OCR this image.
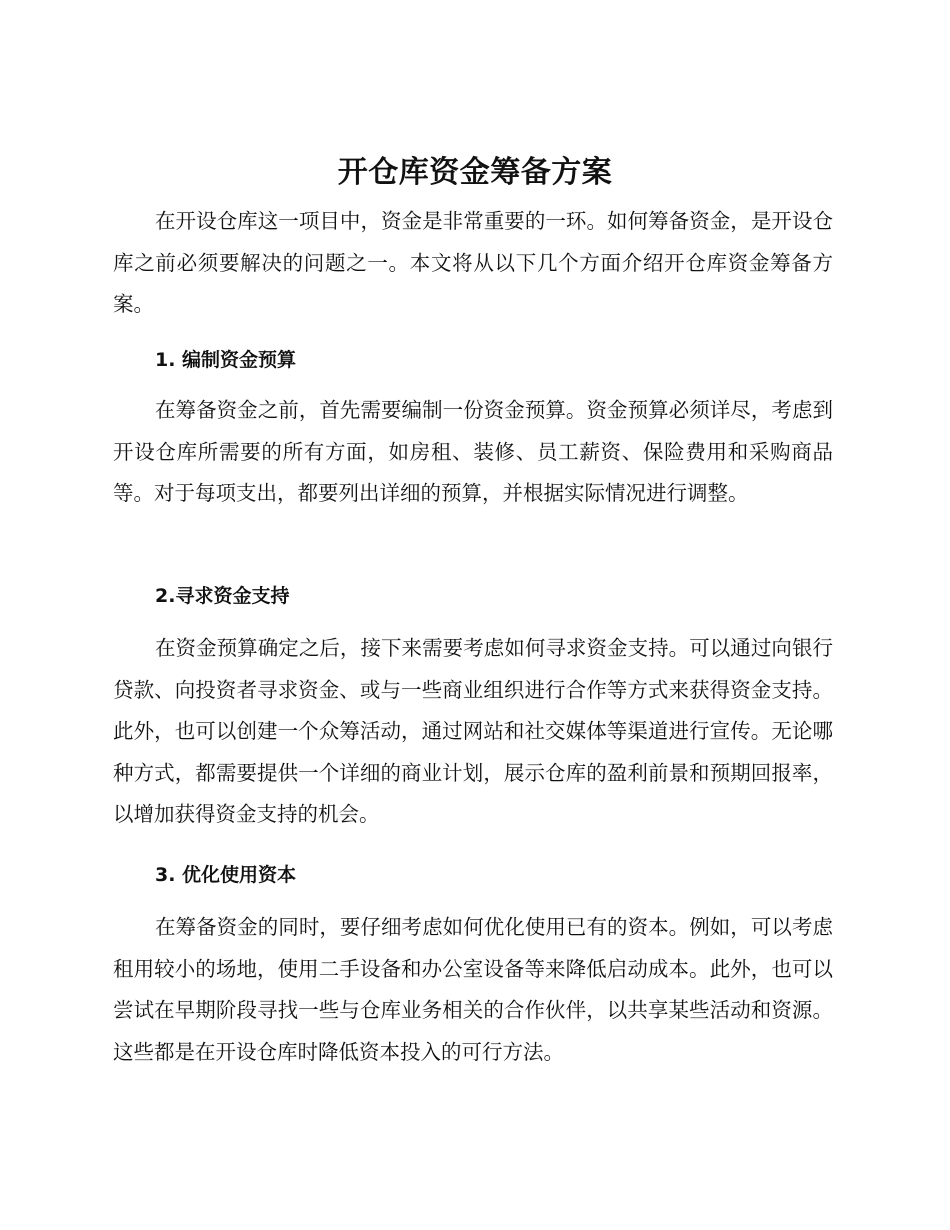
开仓库资金筹备方案

在开设仓库这一项目中，资金是非常重要的一环。如何筹备资金，是开设仓库之前必须要解决的问题之一。本文将从以下几个方面介绍开仓库资金筹备方案。

1. 编制资金预算

在筹备资金之前，首先需要编制一份资金预算。资金预算必须详尽，考虑到开设仓库所需要的所有方面，如房租、装修、员工薪资、保险费用和采购商品等。对于每项支出，都要列出详细的预算，并根据实际情况进行调整。

2.寻求资金支持

在资金预算确定之后，接下来需要考虑如何寻求资金支持。可以通过向银行贷款、向投资者寻求资金、或与一些商业组织进行合作等方式来获得资金支持。此外，也可以创建一个众筹活动，通过网站和社交媒体等渠道进行宣传。无论哪种方式，都需要提供一个详细的商业计划，展示仓库的盈利前景和预期回报率，以增加获得资金支持的机会。

3. 优化使用资本

在筹备资金的同时，要仔细考虑如何优化使用已有的资本。例如，可以考虑租用较小的场地，使用二手设备和办公室设备等来降低启动成本。此外，也可以尝试在早期阶段寻找一些与仓库业务相关的合作伙伴，以共享某些活动和资源。这些都是在开设仓库时降低资本投入的可行方法。
